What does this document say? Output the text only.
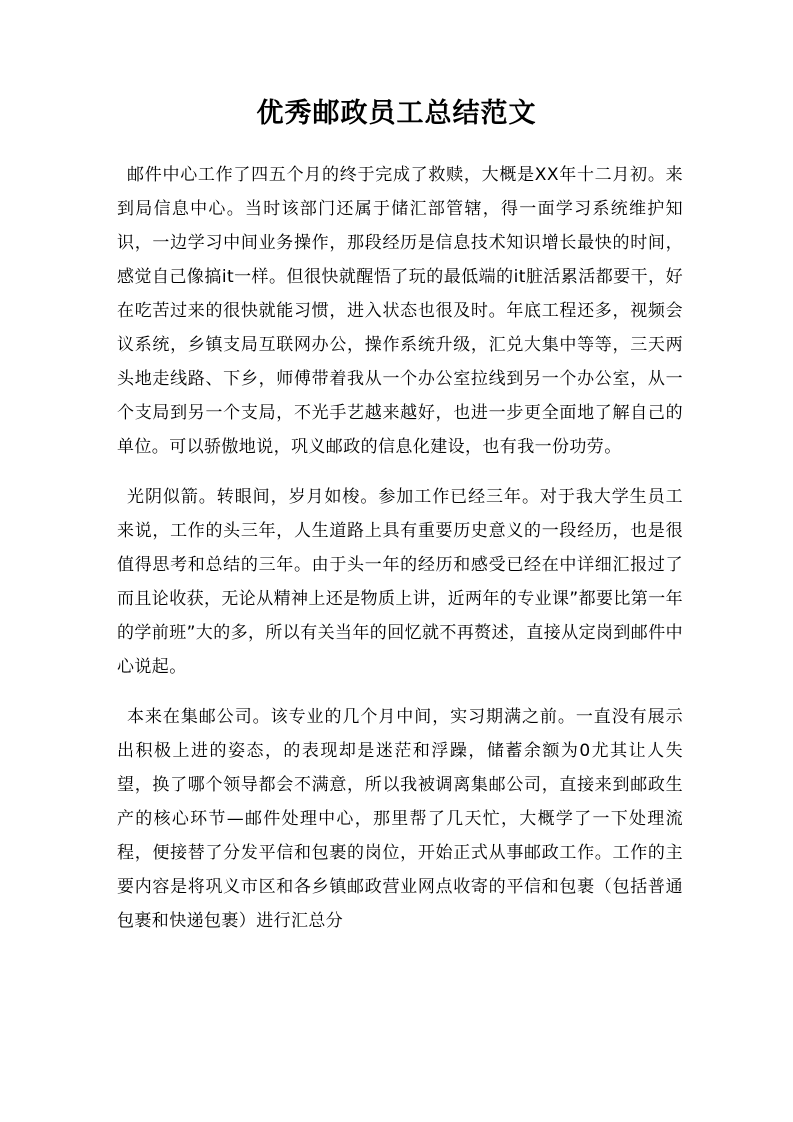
优秀邮政员工总结范文

邮件中心工作了四五个月的终于完成了救赎，大概是XX年十二月初。来到局信息中心。当时该部门还属于储汇部管辖，得一面学习系统维护知识，一边学习中间业务操作，那段经历是信息技术知识增长最快的时间，感觉自己像搞it一样。但很快就醒悟了玩的最低端的it脏活累活都要干，好在吃苦过来的很快就能习惯，进入状态也很及时。年底工程还多，视频会议系统，乡镇支局互联网办公，操作系统升级，汇兑大集中等等，三天两头地走线路、下乡，师傅带着我从一个办公室拉线到另一个办公室，从一个支局到另一个支局，不光手艺越来越好，也进一步更全面地了解自己的单位。可以骄傲地说，巩义邮政的信息化建设，也有我一份功劳。

光阴似箭。转眼间，岁月如梭。参加工作已经三年。对于我大学生员工来说，工作的头三年，人生道路上具有重要历史意义的一段经历，也是很值得思考和总结的三年。由于头一年的经历和感受已经在中详细汇报过了而且论收获，无论从精神上还是物质上讲，近两年的专业课”都要比第一年的学前班”大的多，所以有关当年的回忆就不再赘述，直接从定岗到邮件中心说起。

本来在集邮公司。该专业的几个月中间，实习期满之前。一直没有展示出积极上进的姿态，的表现却是迷茫和浮躁，储蓄余额为0尤其让人失望，换了哪个领导都会不满意，所以我被调离集邮公司，直接来到邮政生产的核心环节—邮件处理中心，那里帮了几天忙，大概学了一下处理流程，便接替了分发平信和包裹的岗位，开始正式从事邮政工作。工作的主要内容是将巩义市区和各乡镇邮政营业网点收寄的平信和包裹（包括普通包裹和快递包裹）进行汇总分
